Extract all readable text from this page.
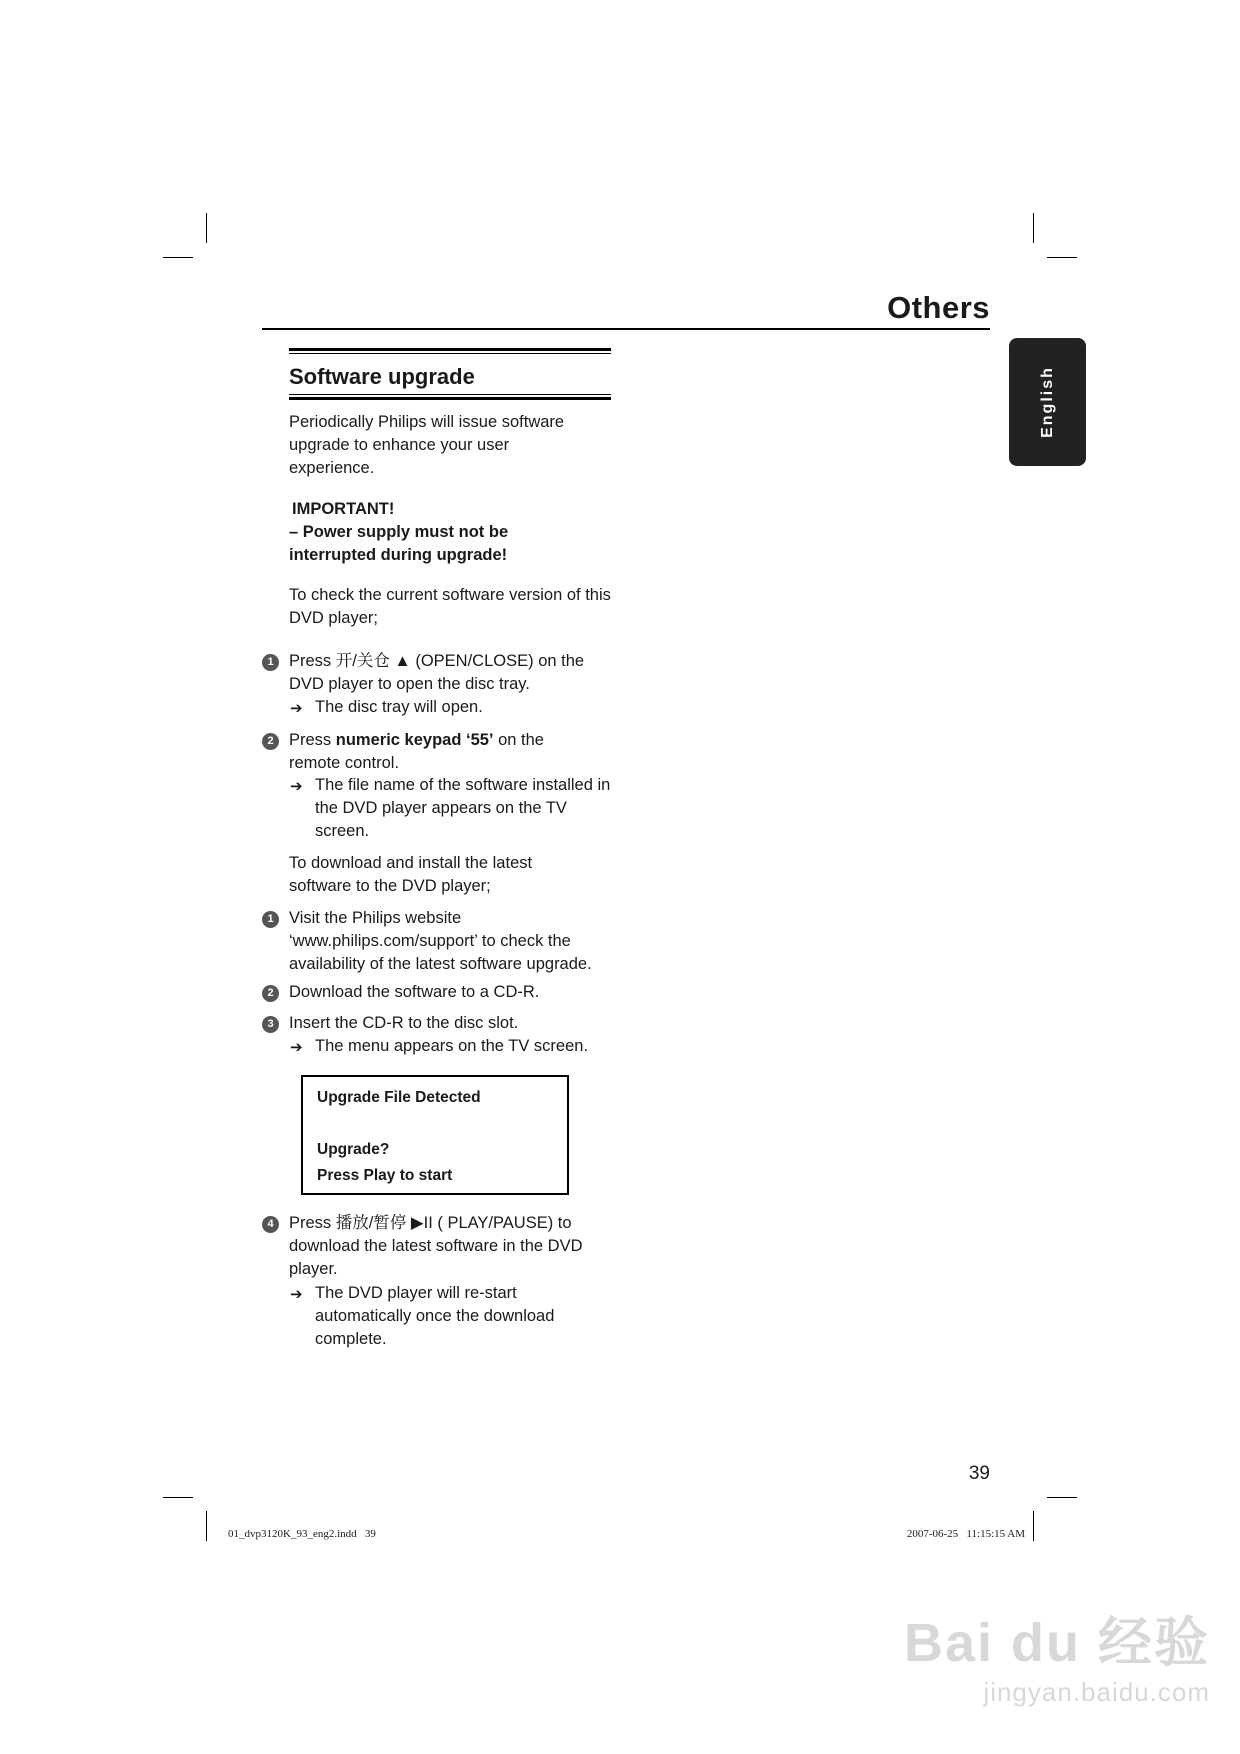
Others
English
Software upgrade
Periodically Philips will issue software upgrade to enhance your user experience.
IMPORTANT!
– Power supply must not be interrupted during upgrade!
To check the current software version of this DVD player;
1 Press 开/关仓 ▲ (OPEN/CLOSE) on the DVD player to open the disc tray.
➔ The disc tray will open.
2 Press numeric keypad ‘55’ on the remote control.
➔ The file name of the software installed in the DVD player appears on the TV screen.
To download and install the latest software to the DVD player;
1 Visit the Philips website ‘www.philips.com/support’ to check the availability of the latest software upgrade.
2 Download the software to a CD-R.
3 Insert the CD-R to the disc slot.
➔ The menu appears on the TV screen.
Upgrade File Detected
Upgrade?
Press Play to start
4 Press 播放/暂停 ▶II ( PLAY/PAUSE) to download the latest software in the DVD player.
➔ The DVD player will re-start automatically once the download complete.
39
01_dvp3120K_93_eng2.indd   39	2007-06-25   11:15:15 AM
Bai du 经验
jingyan.baidu.com
